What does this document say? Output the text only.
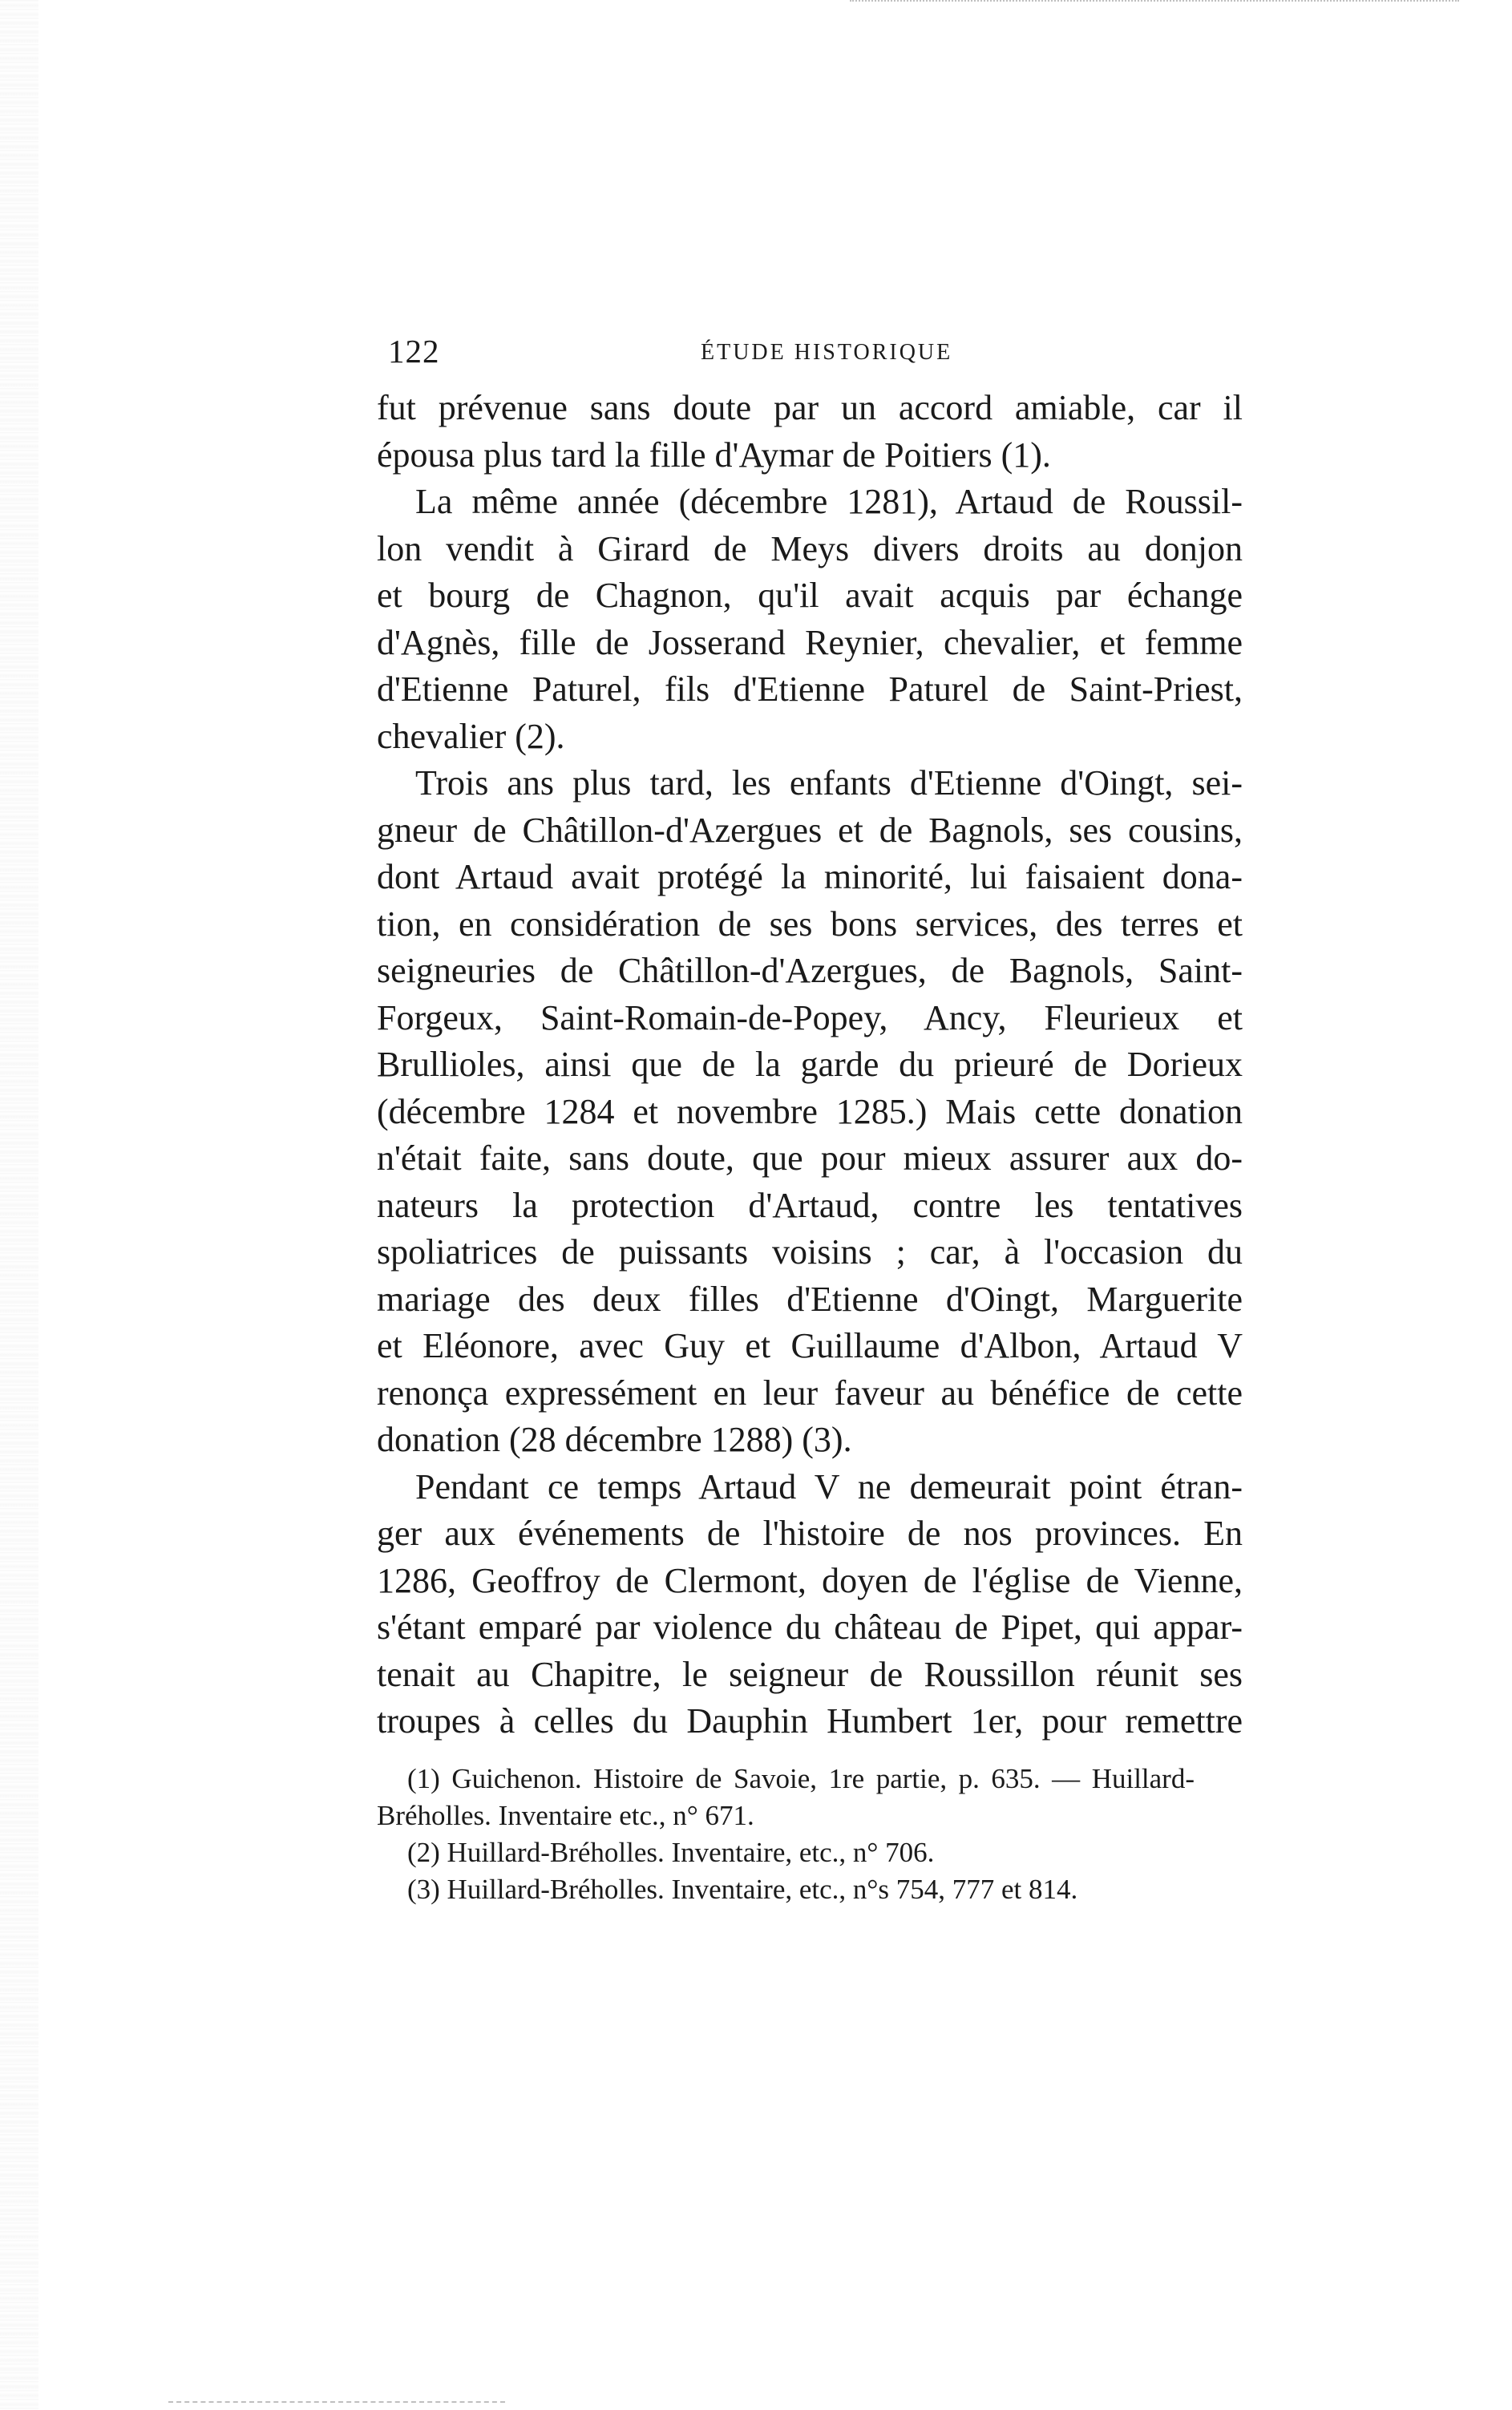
122	ÉTUDE HISTORIQUE
fut prévenue sans doute par un accord amiable, car il
épousa plus tard la fille d'Aymar de Poitiers (1).
La même année (décembre 1281), Artaud de Roussil-
lon vendit à Girard de Meys divers droits au donjon
et bourg de Chagnon, qu'il avait acquis par échange
d'Agnès, fille de Josserand Reynier, chevalier, et femme
d'Etienne Paturel, fils d'Etienne Paturel de Saint-Priest,
chevalier (2).
Trois ans plus tard, les enfants d'Etienne d'Oingt, sei-
gneur de Châtillon-d'Azergues et de Bagnols, ses cousins,
dont Artaud avait protégé la minorité, lui faisaient dona-
tion, en considération de ses bons services, des terres et
seigneuries de Châtillon-d'Azergues, de Bagnols, Saint-
Forgeux, Saint-Romain-de-Popey, Ancy, Fleurieux et
Brullioles, ainsi que de la garde du prieuré de Dorieux
(décembre 1284 et novembre 1285.) Mais cette donation
n'était faite, sans doute, que pour mieux assurer aux do-
nateurs la protection d'Artaud, contre les tentatives
spoliatrices de puissants voisins ; car, à l'occasion du
mariage des deux filles d'Etienne d'Oingt, Marguerite
et Eléonore, avec Guy et Guillaume d'Albon, Artaud V
renonça expressément en leur faveur au bénéfice de cette
donation (28 décembre 1288) (3).
Pendant ce temps Artaud V ne demeurait point étran-
ger aux événements de l'histoire de nos provinces. En
1286, Geoffroy de Clermont, doyen de l'église de Vienne,
s'étant emparé par violence du château de Pipet, qui appar-
tenait au Chapitre, le seigneur de Roussillon réunit ses
troupes à celles du Dauphin Humbert 1er, pour remettre
(1) Guichenon. Histoire de Savoie, 1re partie, p. 635. — Huillard-
Bréholles. Inventaire etc., n° 671.
(2) Huillard-Bréholles. Inventaire, etc., n° 706.
(3) Huillard-Bréholles. Inventaire, etc., n°s 754, 777 et 814.
